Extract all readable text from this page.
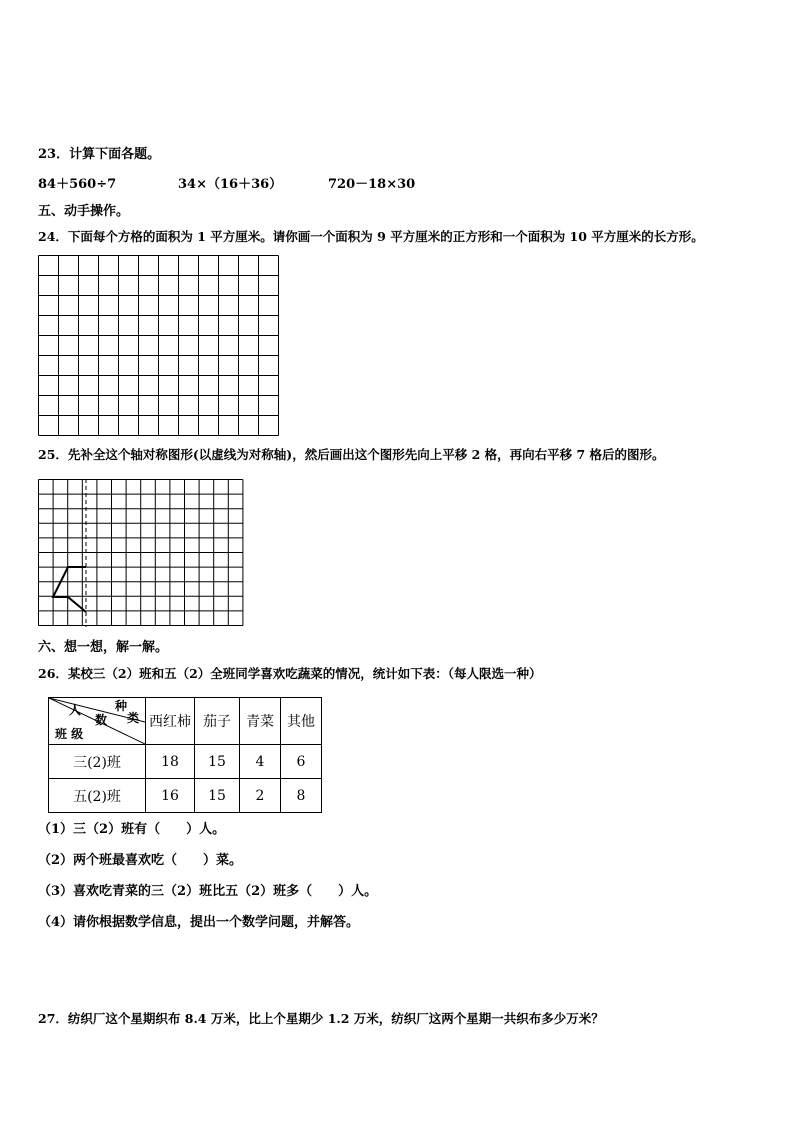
23．计算下面各题。
84＋560÷7	34×（16＋36）	720－18×30
五、动手操作。
24．下面每个方格的面积为 1 平方厘米。请你画一个面积为 9 平方厘米的正方形和一个面积为 10 平方厘米的长方形。
25．先补全这个轴对称图形(以虚线为对称轴)，然后画出这个图形先向上平移 2 格，再向右平移 7 格后的图形。
六、想一想，解一解。
26．某校三（2）班和五（2）全班同学喜欢吃蔬菜的情况，统计如下表：（每人限选一种）
种
类
人
数
班 级	西红柿	茄子	青菜	其他
三(2)班	18	15	4	6
五(2)班	16	15	2	8
（1）三（2）班有（　　）人。
（2）两个班最喜欢吃（　　）菜。
（3）喜欢吃青菜的三（2）班比五（2）班多（　　）人。
（4）请你根据数学信息，提出一个数学问题，并解答。
27．纺织厂这个星期织布 8.4 万米，比上个星期少 1.2 万米，纺织厂这两个星期一共织布多少万米？
